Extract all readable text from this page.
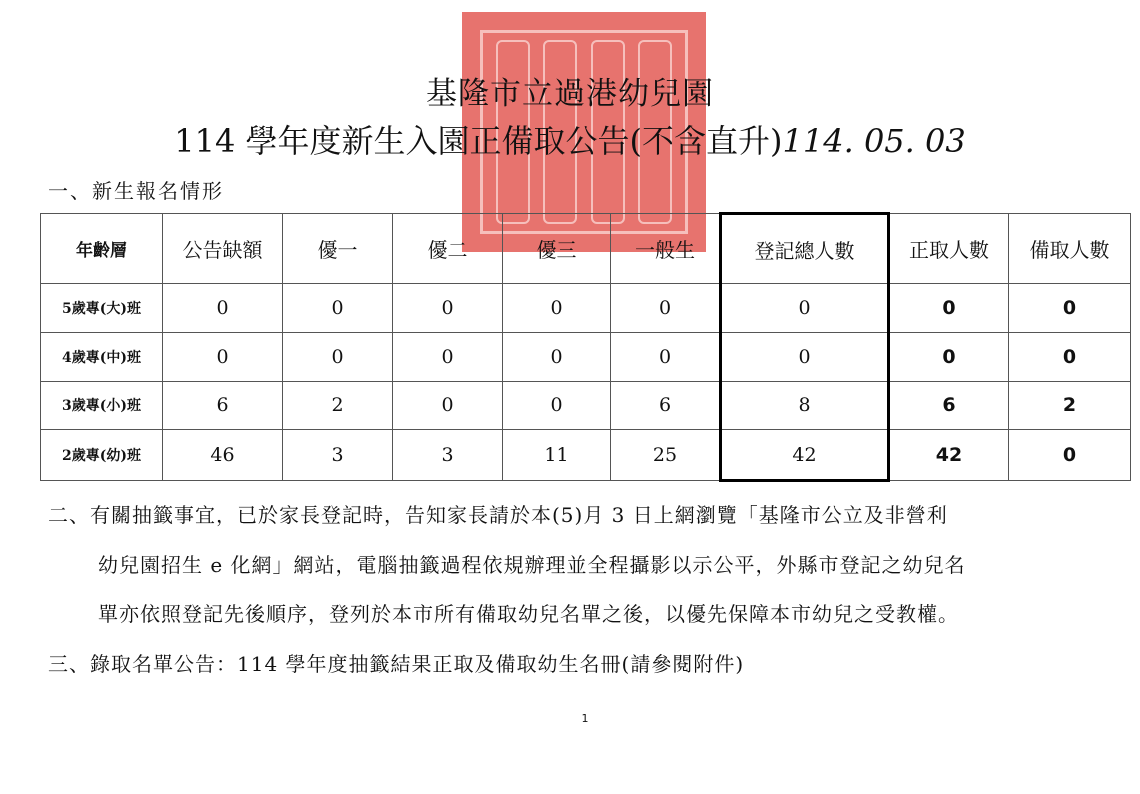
基隆市立過港幼兒園
114 學年度新生入園正備取公告(不含直升)114. 05. 03
一、新生報名情形
年齡層	公告缺額	優一	優二	優三	一般生	登記總人數	正取人數	備取人數
5歲專(大)班	0	0	0	0	0	0	0	0
4歲專(中)班	0	0	0	0	0	0	0	0
3歲專(小)班	6	2	0	0	6	8	6	2
2歲專(幼)班	46	3	3	11	25	42	42	0
二、有關抽籤事宜，已於家長登記時，告知家長請於本(5)月 3 日上網瀏覽「基隆市公立及非營利
幼兒園招生 e 化網」網站，電腦抽籤過程依規辦理並全程攝影以示公平，外縣市登記之幼兒名
單亦依照登記先後順序，登列於本市所有備取幼兒名單之後，以優先保障本市幼兒之受教權。
三、錄取名單公告：114 學年度抽籤結果正取及備取幼生名冊(請參閱附件)
1
